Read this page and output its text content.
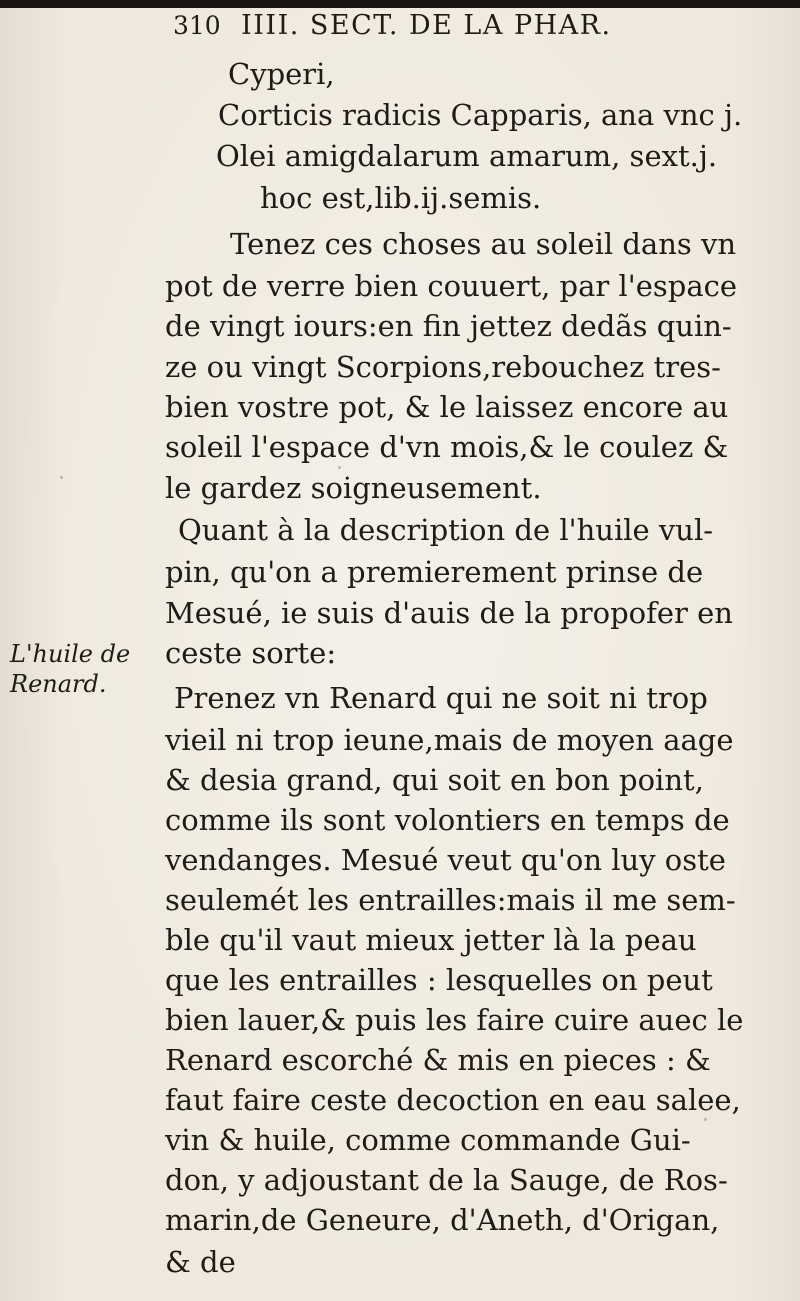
310 IIII. SECT. DE LA PHAR.
L'huile de
Renard.
Cyperi,
Corticis radicis Capparis, ana vnc j.
Olei amigdalarum amarum, sext.j.
hoc est,lib.ij.semis.
Tenez ces choses au soleil dans vn
pot de verre bien couuert, par l'espace
de vingt iours:en fin jettez dedãs quin-
ze ou vingt Scorpions,rebouchez tres-
bien vostre pot, & le laissez encore au
soleil l'espace d'vn mois,& le coulez &
le gardez soigneusement.
Quant à la description de l'huile vul-
pin, qu'on a premierement prinse de
Mesué, ie suis d'auis de la propofer en
ceste sorte:
Prenez vn Renard qui ne soit ni trop
vieil ni trop ieune,mais de moyen aage
& desia grand, qui soit en bon point,
comme ils sont volontiers en temps de
vendanges. Mesué veut qu'on luy oste
seulemét les entrailles:mais il me sem-
ble qu'il vaut mieux jetter là la peau
que les entrailles : lesquelles on peut
bien lauer,& puis les faire cuire auec le
Renard escorché & mis en pieces : &
faut faire ceste decoction en eau salee,
vin & huile, comme commande Gui-
don, y adjoustant de la Sauge, de Ros-
marin,de Geneure, d'Aneth, d'Origan,
& de
